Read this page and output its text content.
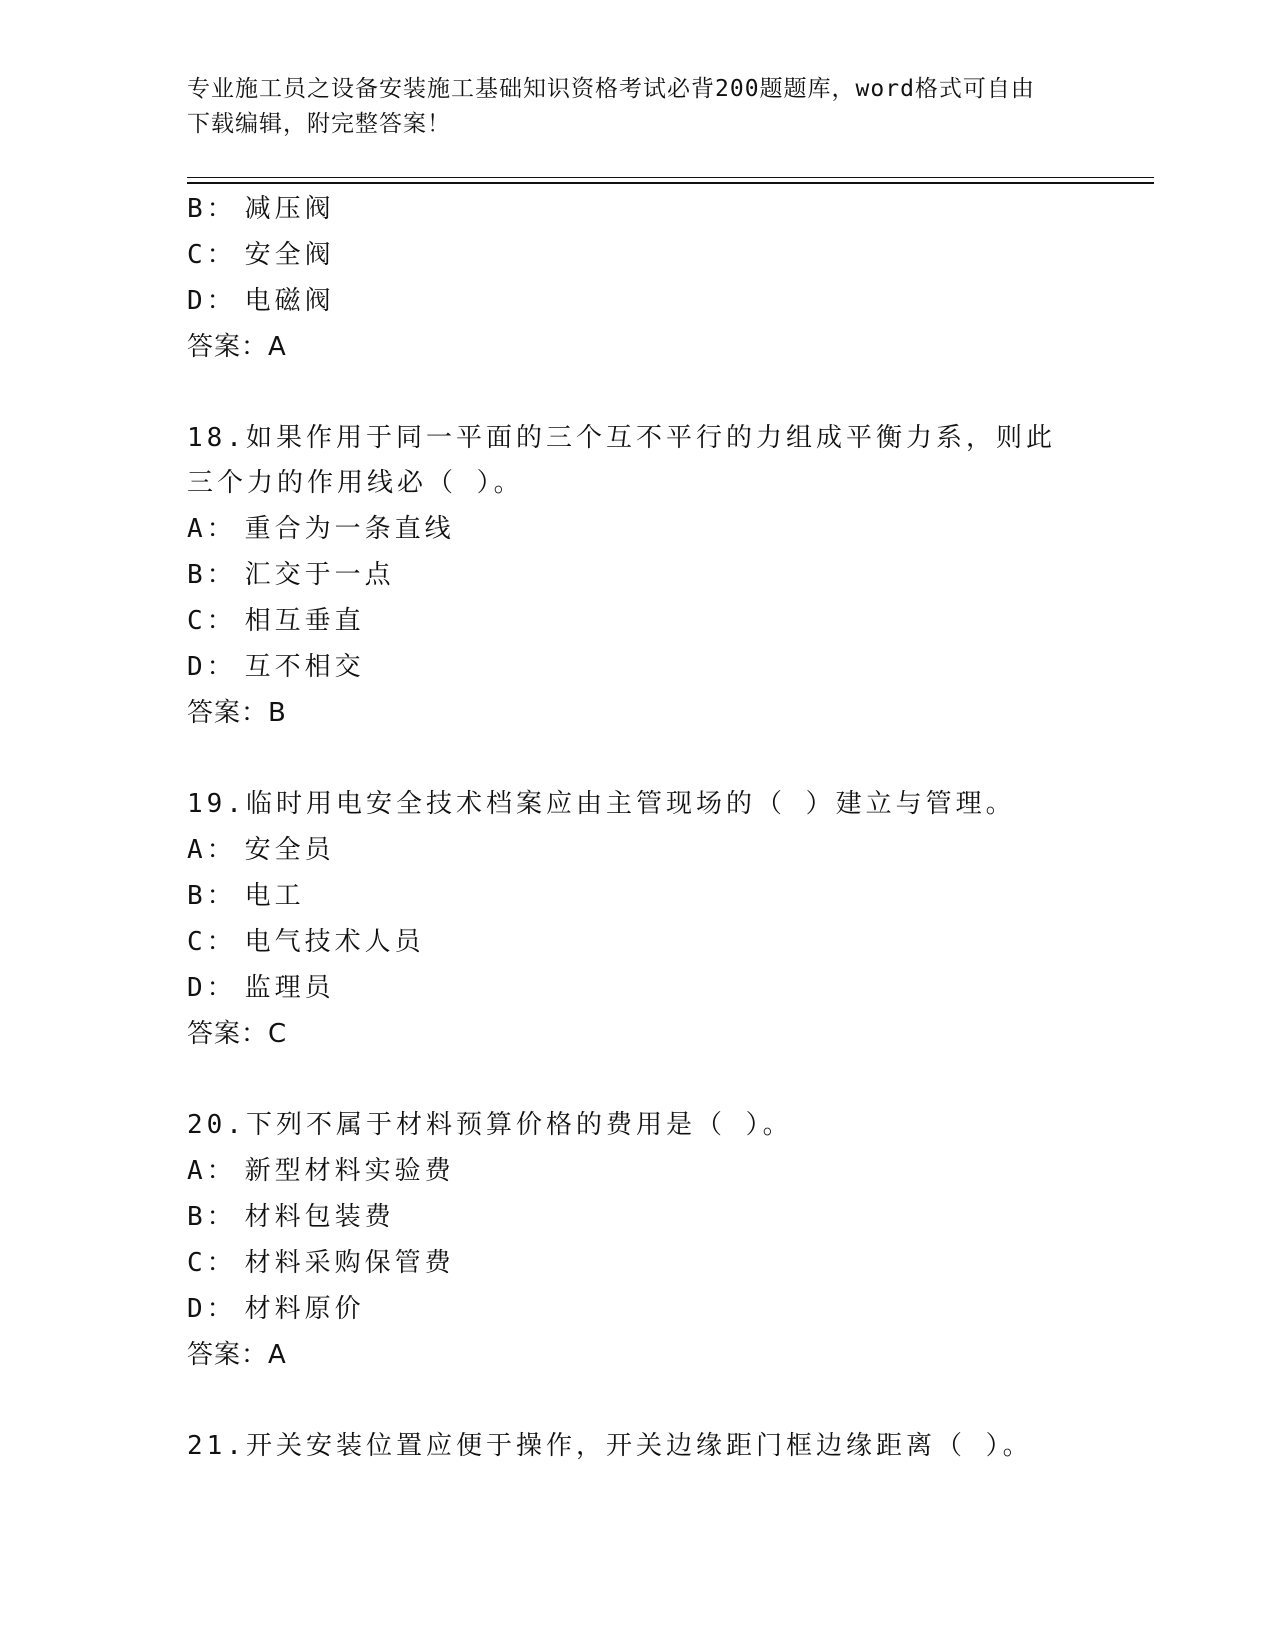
专业施工员之设备安装施工基础知识资格考试必背200题题库，word格式可自由
下载编辑，附完整答案！
B： 减压阀
C： 安全阀
D： 电磁阀
答案：A
18.如果作用于同一平面的三个互不平行的力组成平衡力系，则此三个力的作用线必（ ）。
A： 重合为一条直线
B： 汇交于一点
C： 相互垂直
D： 互不相交
答案：B
19.临时用电安全技术档案应由主管现场的（ ）建立与管理。
A： 安全员
B： 电工
C： 电气技术人员
D： 监理员
答案：C
20.下列不属于材料预算价格的费用是（ ）。
A： 新型材料实验费
B： 材料包装费
C： 材料采购保管费
D： 材料原价
答案：A
21.开关安装位置应便于操作，开关边缘距门框边缘距离（ ）。
